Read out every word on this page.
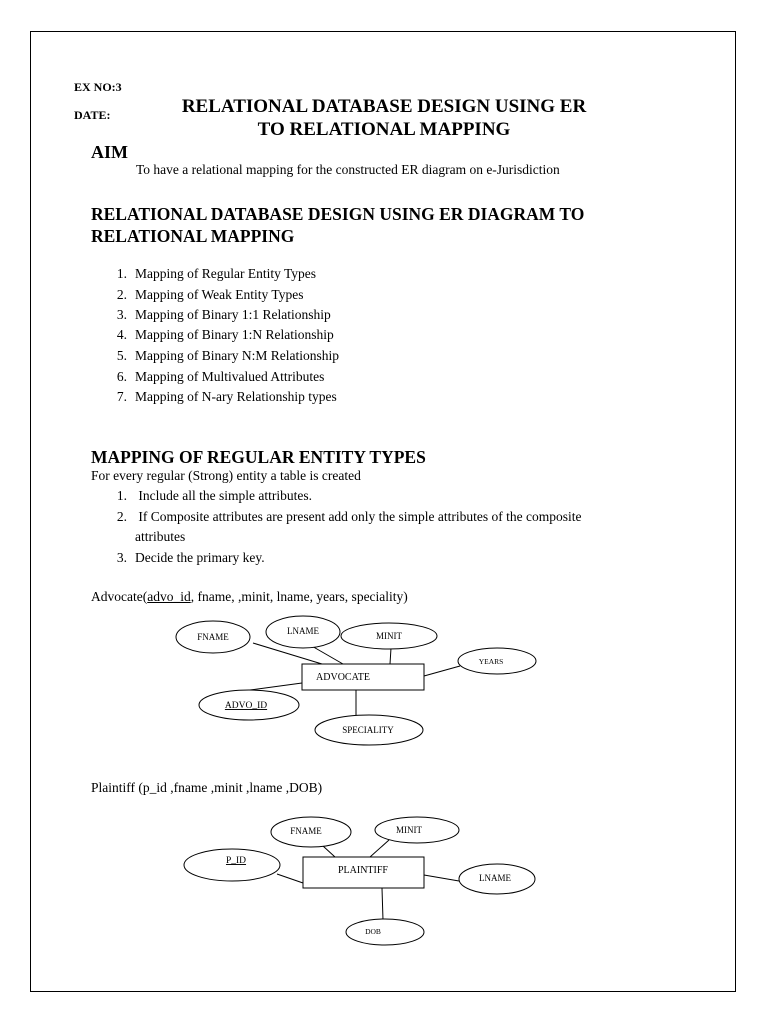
EX NO:3
DATE:	RELATIONAL DATABASE DESIGN USING ER
TO RELATIONAL MAPPING
AIM
To have a relational mapping for the constructed ER diagram on e-Jurisdiction
RELATIONAL DATABASE DESIGN USING ER DIAGRAM TO
RELATIONAL MAPPING
1. Mapping of Regular Entity Types
2. Mapping of Weak Entity Types
3. Mapping of Binary 1:1 Relationship
4. Mapping of Binary 1:N Relationship
5. Mapping of Binary N:M Relationship
6. Mapping of Multivalued Attributes
7. Mapping of N-ary Relationship types
MAPPING OF REGULAR ENTITY TYPES
For every regular (Strong) entity a table is created
1. Include all the simple attributes.
2. If Composite attributes are present add only the simple attributes of the composite
attributes
3. Decide the primary key.
Advocate(advo_id, fname, ,minit, lname, years, speciality)
Plaintiff (p_id ,fname ,minit ,lname ,DOB)
ADVOCATE
FNAME
LNAME	MINIT
YEARS
ADVO_ID
SPECIALITY
PLAINTIFF
FNAME	MINIT
P_ID
LNAME
DOB
